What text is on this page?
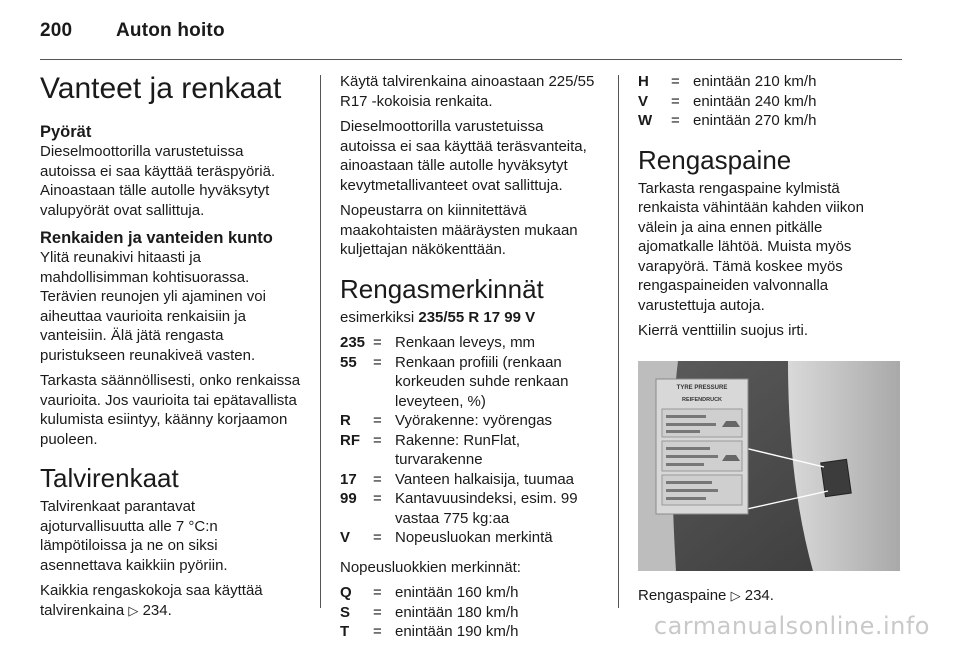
200 Auton hoito
Vanteet ja renkaat
Pyörät

Dieselmoottorilla varustetuissa autoissa ei saa käyttää teräspyöriä. Ainoastaan tälle autolle hyväksytyt valupyörät ovat sallittuja.

Renkaiden ja vanteiden kunto

Ylitä reunakivi hitaasti ja mahdollisimman kohtisuorassa. Terävien reunojen yli ajaminen voi aiheuttaa vaurioita renkaisiin ja vanteisiin. Älä jätä rengasta puristukseen reunakiveä vasten.

Tarkasta säännöllisesti, onko renkaissa vaurioita. Jos vaurioita tai epätavallista kulumista esiintyy, käänny korjaamon puoleen.

Talvirenkaat

Talvirenkaat parantavat ajoturvallisuutta alle 7 °C:n lämpötiloissa ja ne on siksi asennettava kaikkiin pyöriin.

Kaikkia rengaskokoja saa käyttää talvirenkaina ▷ 234.

Käytä talvirenkaina ainoastaan 225/55 R17 -kokoisia renkaita.

Dieselmoottorilla varustetuissa autoissa ei saa käyttää teräsvanteita, ainoastaan tälle autolle hyväksytyt kevytmetallivanteet ovat sallittuja.

Nopeustarra on kiinnitettävä maakohtaisten määräysten mukaan kuljettajan näkökenttään.

Rengasmerkinnät

esimerkiksi 235/55 R 17 99 V

235 = Renkaan leveys, mm
55	= Renkaan profiili (renkaan korkeuden suhde renkaan leveyteen, %)
R	= Vyörakenne: vyörengas
RF = Rakenne: RunFlat, turvarakenne
17	= Vanteen halkaisija, tuumaa
99	= Kantavuusindeksi, esim. 99 vastaa 775 kg:aa
V	= Nopeusluokan merkintä

Nopeusluokkien merkinnät:

Q	= enintään 160 km/h
S	= enintään 180 km/h
T	= enintään 190 km/h
H	= enintään 210 km/h
V	= enintään 240 km/h
W	= enintään 270 km/h
Rengaspaine

Tarkasta rengaspaine kylmistä renkaista vähintään kahden viikon välein ja aina ennen pitkälle ajomatkalle lähtöä. Muista myös varapyörä. Tämä koskee myös rengaspaineiden valvonnalla varustettuja autoja.

Kierrä venttiilin suojus irti.

TYRE PRESSURE
REIFENDRUCK

Rengaspaine ▷ 234.

carmanualsonline.info
